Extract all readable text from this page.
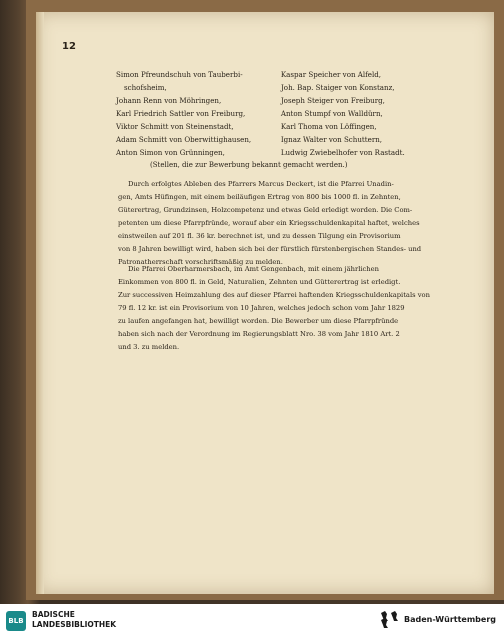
12
Simon Pfreundschuh von Tauberbi-	Kaspar Speicher von Alfeld,
schofsheim,	Joh. Bap. Staiger von Konstanz,
Johann Renn von Möhringen,	Joseph Steiger von Freiburg,
Karl Friedrich Sattler von Freiburg,	Anton Stumpf von Walldürn,
Viktor Schmitt von Steinenstadt,	Karl Thoma von Löffingen,
Adam Schmitt von Oberwittighausen,	Ignaz Walter von Schuttern,
Anton Simon von Grünningen,	Ludwig Zwiebelhofer von Rastadt.
(Stellen, die zur Bewerbung bekannt gemacht werden.)
Durch erfolgtes Ableben des Pfarrers Marcus Deckert, ist die Pfarrei Unadin-
gen, Amts Hüfingen, mit einem beiläufigen Ertrag von 800 bis 1000 fl. in Zehnten,
Güterertrag, Grundzinsen, Holzcompetenz und etwas Geld erledigt worden. Die Com-
petenten um diese Pfarrpfründe, worauf aber ein Kriegsschuldenkapital haftet, welches
einstweilen auf 201 fl. 36 kr. berechnet ist, und zu dessen Tilgung ein Provisorium
von 8 Jahren bewilligt wird, haben sich bei der fürstlich fürstenbergischen Standes- und
Patronatherrschaft vorschriftsmäßig zu melden.
Die Pfarrei Oberharmersbach, im Amt Gengenbach, mit einem jährlichen
Einkommen von 800 fl. in Geld, Naturalien, Zehnten und Gütterertrag ist erledigt.
Zur successiven Heimzahlung des auf dieser Pfarrei haftenden Kriegsschuldenkapitals von
79 fl. 12 kr. ist ein Provisorium von 10 Jahren, welches jedoch schon vom Jahr 1829
zu laufen angefangen hat, bewilligt worden. Die Bewerber um diese Pfarrpfründe
haben sich nach der Verordnung im Regierungsblatt Nro. 38 vom Jahr 1810 Art. 2
und 3. zu melden.
BLB
BADISCHE
LANDESBIBLIOTHEK
Baden-Württemberg
